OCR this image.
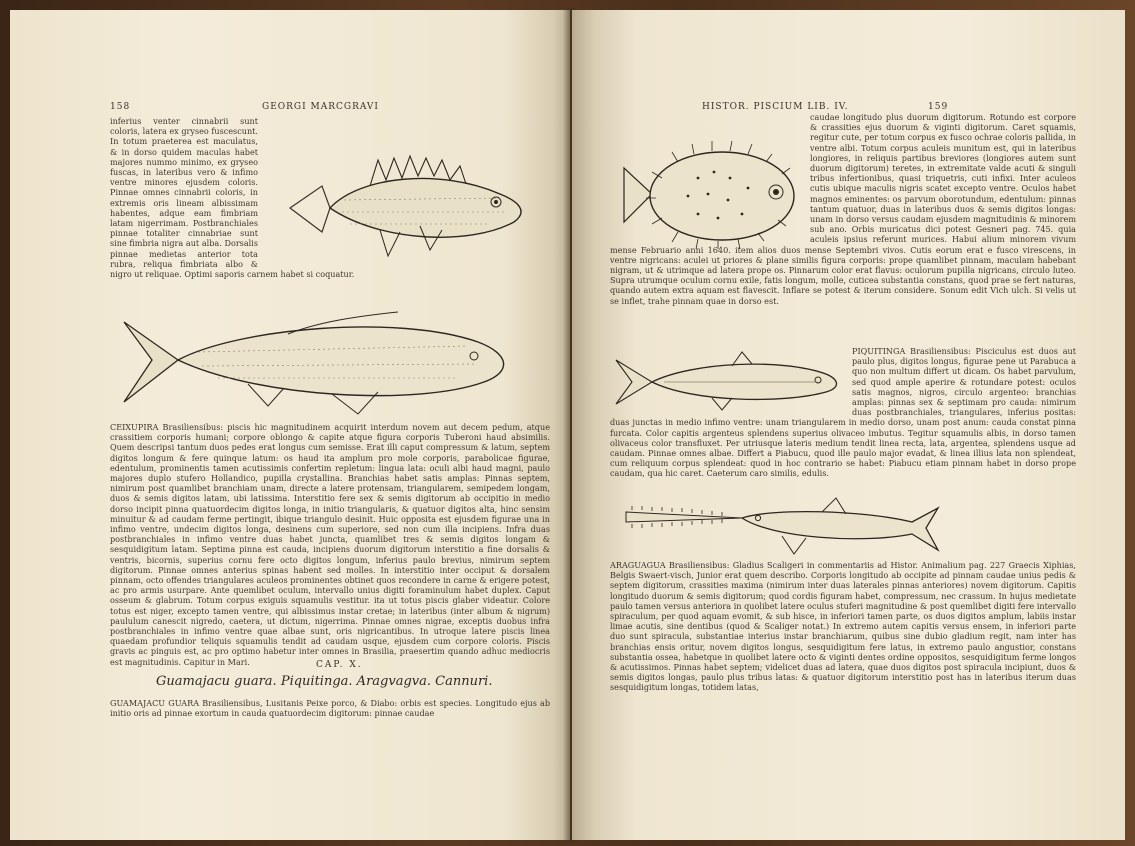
158	GEORGI MARCGRAVI

inferius venter cinnabrii sunt coloris, latera ex gryseo fuscescunt. In totum praeterea est maculatus, & in dorso quidem maculas habet majores nummo minimo, ex gryseo fuscas, in lateribus vero & infimo ventre minores ejusdem coloris. Pinnae omnes cinnabrii coloris, in extremis oris lineam albissimam habentes, adque eam fimbriam latam nigerrimam. Postbranchiales pinnae totaliter cinnabriae sunt sine fimbria nigra aut alba. Dorsalis pinnae medietas anterior tota rubra, reliqua fimbriata albo & nigro ut reliquae. Optimi saporis carnem habet si coquatur.

CEIXUPIRA Brasiliensibus: piscis hic magnitudinem acquirit interdum novem aut decem pedum, atque crassitiem corporis humani; corpore oblongo & capite atque figura corporis Tuberoni haud absimilis. Quem descripsi tantum duos pedes erat longus cum semisse. Erat illi caput compressum & latum, septem digitos longum & fere quinque latum: os haud ita amplum pro mole corporis, parabolicae figurae, edentulum, prominentis tamen acutissimis confertim repletum: lingua lata: oculi albi haud magni, paulo majores duplo stufero Hollandico, pupilla crystallina. Branchias habet satis amplas: Pinnas septem, nimirum post quamlibet branchiam unam, directe a latere protensam, triangularem, semipedem longam, duos & semis digitos latam, ubi latissima. Interstitio fere sex & semis digitorum ab occipitio in medio dorso incipit pinna quatuordecim digitos longa, in initio triangularis, & quatuor digitos alta, hinc sensim minuitur & ad caudam ferme pertingit, ibique triangulo desinit. Huic opposita est ejusdem figurae una in infimo ventre, undecim digitos longa, desinens cum superiore, sed non cum illa incipiens. Infra duas postbranchiales in infimo ventre duas habet juncta, quamlibet tres & semis digitos longam & sesquidigitum latam. Septima pinna est cauda, incipiens duorum digitorum interstitio a fine dorsalis & ventris, bicornis, superius cornu fere octo digitos longum, inferius paulo brevius, nimirum septem digitorum. Pinnae omnes anterius spinas habent sed molles. In interstitio inter occiput & dorsalem pinnam, octo offendes triangulares aculeos prominentes obtinet quos recondere in carne & erigere potest, ac pro armis usurpare. Ante quemlibet oculum, intervallo unius digiti foraminulum habet duplex. Caput osseum & glabrum. Totum corpus exiguis squamulis vestitur. ita ut totus piscis glaber videatur. Colore totus est niger, excepto tamen ventre, qui albissimus instar cretae; in lateribus (inter album & nigrum) paululum canescit nigredo, caetera, ut dictum, nigerrima. Pinnae omnes nigrae, exceptis duobus infra postbranchiales in infimo ventre quae albae sunt, oris nigricantibus. In utroque latere piscis linea quaedam profundior teliquis squamulis tendit ad caudam usque, ejusdem cum corpore coloris. Piscis gravis ac pinguis est, ac pro optimo habetur inter omnes in Brasilia, praesertim quando adhuc mediocris est magnitudinis. Capitur in Mari.	CAP. X.
Guamajacu guara. Piquitinga. Aragvagva. Cannuri.

GUAMAJACU GUARA Brasiliensibus, Lusitanis Peixe porco, & Diabo: orbis est species. Longitudo ejus ab initio oris ad pinnae exortum in cauda quatuordecim digitorum: pinnae caudae

HISTOR. PISCIUM LIB. IV.	159

caudae longitudo plus duorum digitorum. Rotundo est corpore & crassities ejus duorum & viginti digitorum. Caret squamis, regitur cute, per totum corpus ex fusco ochrae coloris pallida, in ventre albi. Totum corpus aculeis munitum est, qui in lateribus longiores, in reliquis partibus breviores (longiores autem sunt duorum digitorum) teretes, in extremitate valde acuti & singuli tribus infertionibus, quasi triquetris, cuti infixi. Inter aculeos cutis ubique maculis nigris scatet excepto ventre. Oculos habet magnos eminentes: os parvum oborotundum, edentulum: pinnas tantum quatuor, duas in lateribus duos & semis digitos longas: unam in dorso versus caudam ejusdem magnitudinis & minorem sub ano. Orbis muricatus dici potest Gesneri pag. 745. quia aculeis ipsius referunt murices. Habui alium minorem vivum mense Februario anni 1640. item alios duos mense Septembri vivos. Cutis eorum erat e fusco virescens, in ventre nigricans: aculei ut priores & plane similis figura corporis: prope quamlibet pinnam, maculam habebant nigram, ut & utrimque ad latera prope os. Pinnarum color erat flavus: oculorum pupilla nigricans, circulo luteo. Supra utrumque oculum cornu exile, fatis longum, molle, cuticea substantia constans, quod prae se fert naturas, quando autem extra aquam est flavescit. Inflare se potest & iterum considere. Sonum edit Vich ulch. Si velis ut se inflet, trahe pinnam quae in dorso est.

PIQUITINGA Brasiliensibus: Pisciculus est duos aut paulo plus, digitos longus, figurae pene ut Parabuca a quo non multum differt ut dicam. Os habet parvulum, sed quod ample aperire & rotundare potest: oculos satis magnos, nigros, circulo argenteo: branchias amplas: pinnas sex & septimam pro cauda: nimirum duas postbranchiales, triangulares, inferius positas: duas junctas in medio infimo ventre: unam triangularem in medio dorso, unam post anum: cauda constat pinna furcata. Color capitis argenteus splendens superius olivaceo imbutus. Tegitur squamulis albis, in dorso tamen olivaceus color transfluxet. Per utriusque lateris medium tendit linea recta, lata, argentea, splendens usque ad caudam. Pinnae omnes albae. Differt a Piabucu, quod ille paulo major evadat, & linea illius lata non splendeat, cum reliquum corpus splendeat: quod in hoc contrario se habet: Piabucu etiam pinnam habet in dorso prope caudam, qua hic caret. Caeterum caro similis, edulis.

ARAGUAGUA Brasiliensibus: Gladius Scaligeri in commentariis ad Histor. Animalium pag. 227 Graecis Xiphias, Belgis Swaert-visch, Junior erat quem describo. Corporis longitudo ab occipite ad pinnam caudae unius pedis & septem digitorum, crassities maxima (nimirum inter duas laterales pinnas anteriores) novem digitorum. Capitis longitudo duorum & semis digitorum; quod cordis figuram habet, compressum, nec crassum. In hujus medietate paulo tamen versus anteriora in quolibet latere oculus stuferi magnitudine & post quemlibet digiti fere intervallo spiraculum, per quod aquam evomit, & sub hisce, in inferiori tamen parte, os duos digitos amplum, labiis instar limae acutis, sine dentibus (quod & Scaliger notat.) In extremo autem capitis versus ensem, in inferiori parte duo sunt spiracula, substantiae interius instar branchiarum, quibus sine dubio gladium regit, nam inter has branchias ensis oritur, novem digitos longus, sesquidigitum fere latus, in extremo paulo angustior, constans substantia ossea, habetque in quolibet latere octo & viginti dentes ordine oppositos, sesquidigitum ferme longos & acutissimos. Pinnas habet septem; videlicet duas ad latera, quae duos digitos post spiracula incipiunt, duos & semis digitos longas, paulo plus tribus latas: & quatuor digitorum interstitio post has in lateribus iterum duas sesquidigitum longas, totidem latas,
